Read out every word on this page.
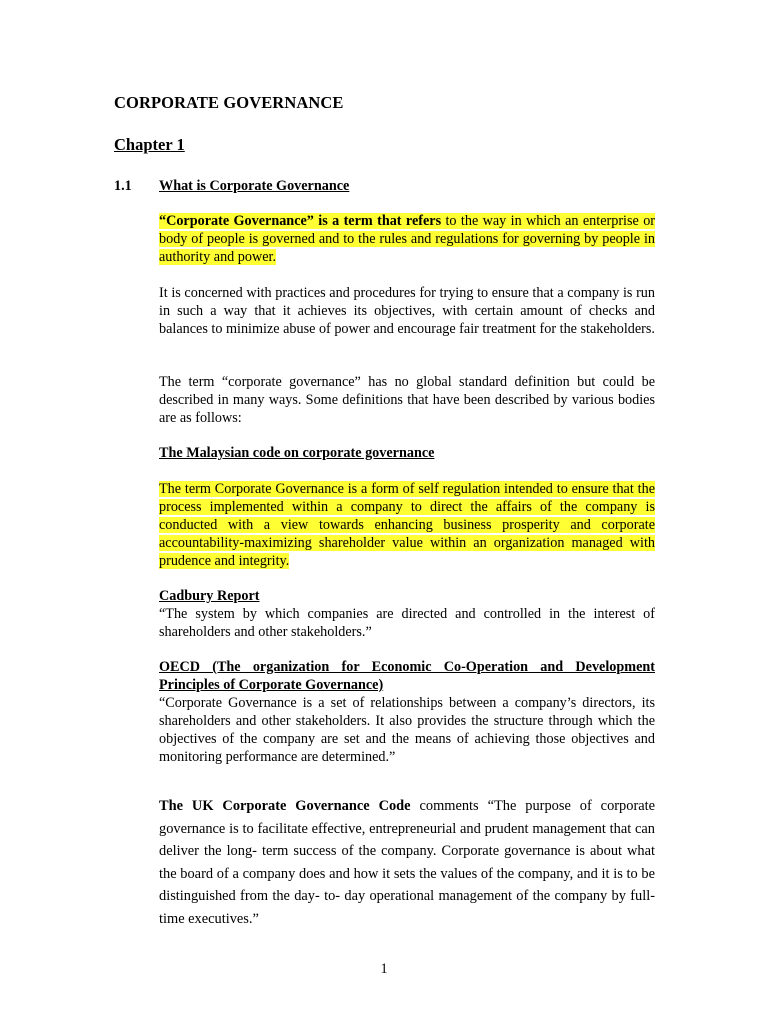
CORPORATE GOVERNANCE
Chapter 1
1.1 What is Corporate Governance

“Corporate Governance” is a term that refers to the way in which an enterprise or body of people is governed and to the rules and regulations for governing by people in authority and power.

It is concerned with practices and procedures for trying to ensure that a company is run in such a way that it achieves its objectives, with certain amount of checks and balances to minimize abuse of power and encourage fair treatment for the stakeholders.

The term “corporate governance” has no global standard definition but could be described in many ways. Some definitions that have been described by various bodies are as follows:

The Malaysian code on corporate governance

The term Corporate Governance is a form of self regulation intended to ensure that the process implemented within a company to direct the affairs of the company is conducted with a view towards enhancing business prosperity and corporate accountability-maximizing shareholder value within an organization managed with prudence and integrity.

Cadbury Report

“The system by which companies are directed and controlled in the interest of shareholders and other stakeholders.”

OECD (The organization for Economic Co-Operation and Development Principles of Corporate Governance)

“Corporate Governance is a set of relationships between a company’s directors, its shareholders and other stakeholders. It also provides the structure through which the objectives of the company are set and the means of achieving those objectives and monitoring performance are determined.”

The UK Corporate Governance Code comments “The purpose of corporate governance is to facilitate effective, entrepreneurial and prudent management that can deliver the long- term success of the company. Corporate governance is about what the board of a company does and how it sets the values of the company, and it is to be distinguished from the day- to- day operational management of the company by full- time executives.”

1
